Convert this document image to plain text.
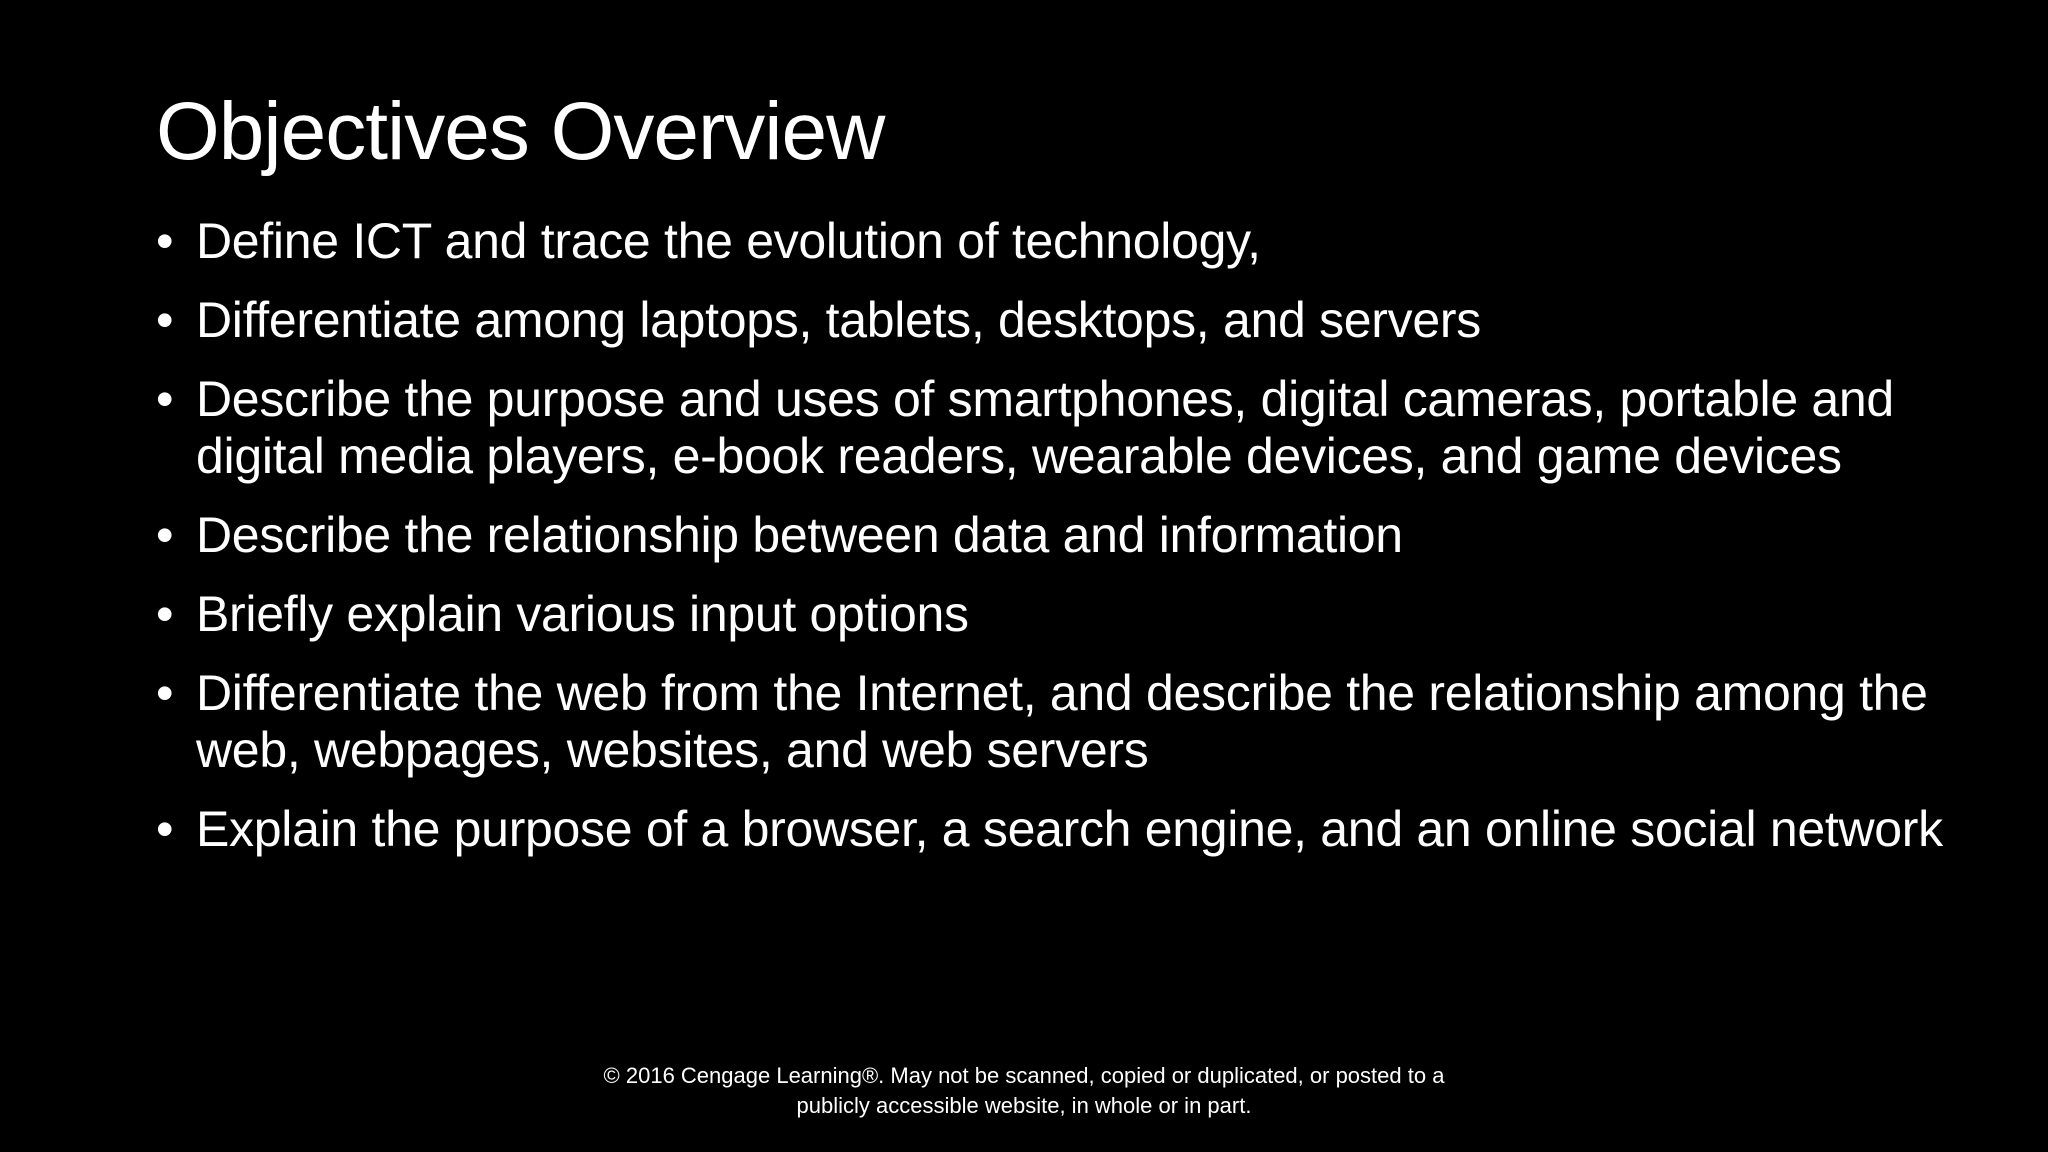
Objectives Overview
• Define ICT and trace the evolution of technology,
• Differentiate among laptops, tablets, desktops, and servers
• Describe the purpose and uses of smartphones, digital cameras, portable and digital media players, e-book readers, wearable devices, and game devices
• Describe the relationship between data and information
• Briefly explain various input options
• Differentiate the web from the Internet, and describe the relationship among the web, webpages, websites, and web servers
• Explain the purpose of a browser, a search engine, and an online social network
© 2016 Cengage Learning®. May not be scanned, copied or duplicated, or posted to a
publicly accessible website, in whole or in part.
